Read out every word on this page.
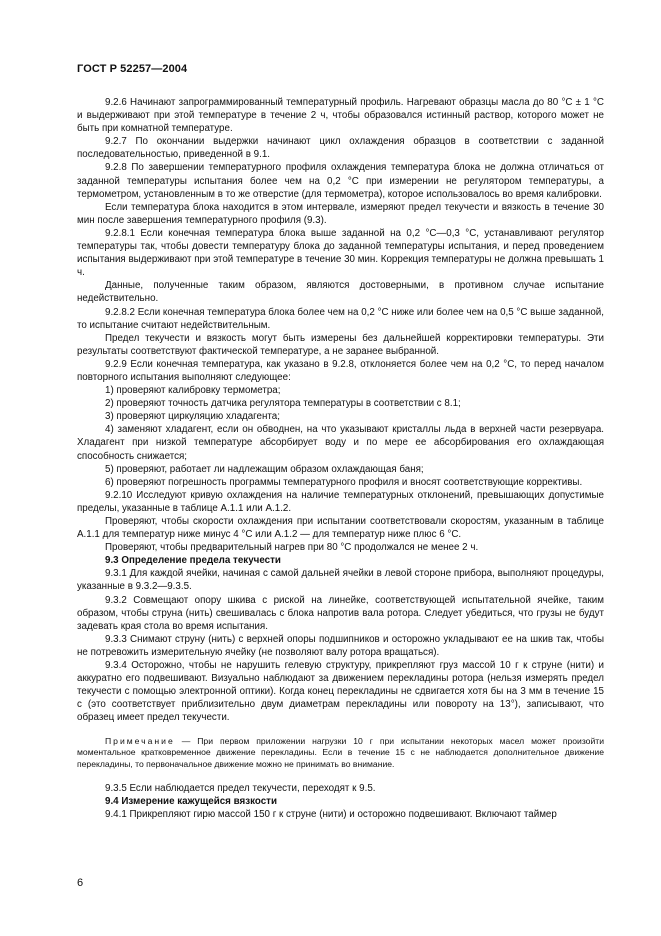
ГОСТ Р 52257—2004

9.2.6 Начинают запрограммированный температурный профиль. Нагревают образцы масла до 80 °С ± 1 °С и выдерживают при этой температуре в течение 2 ч, чтобы образовался истинный раствор, которого может не быть при комнатной температуре.

9.2.7 По окончании выдержки начинают цикл охлаждения образцов в соответствии с заданной последовательностью, приведенной в 9.1.

9.2.8 По завершении температурного профиля охлаждения температура блока не должна отличаться от заданной температуры испытания более чем на 0,2 °С при измерении не регулятором температуры, а термометром, установленным в то же отверстие (для термометра), которое использовалось во время калибровки.

Если температура блока находится в этом интервале, измеряют предел текучести и вязкость в течение 30 мин после завершения температурного профиля (9.3).

9.2.8.1 Если конечная температура блока выше заданной на 0,2 °С—0,3 °С, устанавливают регулятор температуры так, чтобы довести температуру блока до заданной температуры испытания, и перед проведением испытания выдерживают при этой температуре в течение 30 мин. Коррекция температуры не должна превышать 1 ч.

Данные, полученные таким образом, являются достоверными, в противном случае испытание недействительно.

9.2.8.2 Если конечная температура блока более чем на 0,2 °С ниже или более чем на 0,5 °С выше заданной, то испытание считают недействительным.

Предел текучести и вязкость могут быть измерены без дальнейшей корректировки температуры. Эти результаты соответствуют фактической температуре, а не заранее выбранной.

9.2.9 Если конечная температура, как указано в 9.2.8, отклоняется более чем на 0,2 °С, то перед началом повторного испытания выполняют следующее:

1) проверяют калибровку термометра;

2) проверяют точность датчика регулятора температуры в соответствии с 8.1;

3) проверяют циркуляцию хладагента;

4) заменяют хладагент, если он обводнен, на что указывают кристаллы льда в верхней части резервуара. Хладагент при низкой температуре абсорбирует воду и по мере ее абсорбирования его охлаждающая способность снижается;

5) проверяют, работает ли надлежащим образом охлаждающая баня;

6) проверяют погрешность программы температурного профиля и вносят соответствующие коррективы.

9.2.10 Исследуют кривую охлаждения на наличие температурных отклонений, превышающих допустимые пределы, указанные в таблице А.1.1 или А.1.2.

Проверяют, чтобы скорости охлаждения при испытании соответствовали скоростям, указанным в таблице А.1.1 для температур ниже минус 4 °С или А.1.2 — для температур ниже плюс 6 °С.

Проверяют, чтобы предварительный нагрев при 80 °С продолжался не менее 2 ч.

9.3 Определение предела текучести

9.3.1 Для каждой ячейки, начиная с самой дальней ячейки в левой стороне прибора, выполняют процедуры, указанные в 9.3.2—9.3.5.

9.3.2 Совмещают опору шкива с риской на линейке, соответствующей испытательной ячейке, таким образом, чтобы струна (нить) свешивалась с блока напротив вала ротора. Следует убедиться, что грузы не будут задевать края стола во время испытания.

9.3.3 Снимают струну (нить) с верхней опоры подшипников и осторожно укладывают ее на шкив так, чтобы не потревожить измерительную ячейку (не позволяют валу ротора вращаться).

9.3.4 Осторожно, чтобы не нарушить гелевую структуру, прикрепляют груз массой 10 г к струне (нити) и аккуратно его подвешивают. Визуально наблюдают за движением перекладины ротора (нельзя измерять предел текучести с помощью электронной оптики). Когда конец перекладины не сдвигается хотя бы на 3 мм в течение 15 с (это соответствует приблизительно двум диаметрам перекладины или повороту на 13°), записывают, что образец имеет предел текучести.

Примечание — При первом приложении нагрузки 10 г при испытании некоторых масел может произойти моментальное кратковременное движение перекладины. Если в течение 15 с не наблюдается дополнительное движение перекладины, то первоначальное движение можно не принимать во внимание.

9.3.5 Если наблюдается предел текучести, переходят к 9.5.

9.4 Измерение кажущейся вязкости

9.4.1 Прикрепляют гирю массой 150 г к струне (нити) и осторожно подвешивают. Включают таймер

6
